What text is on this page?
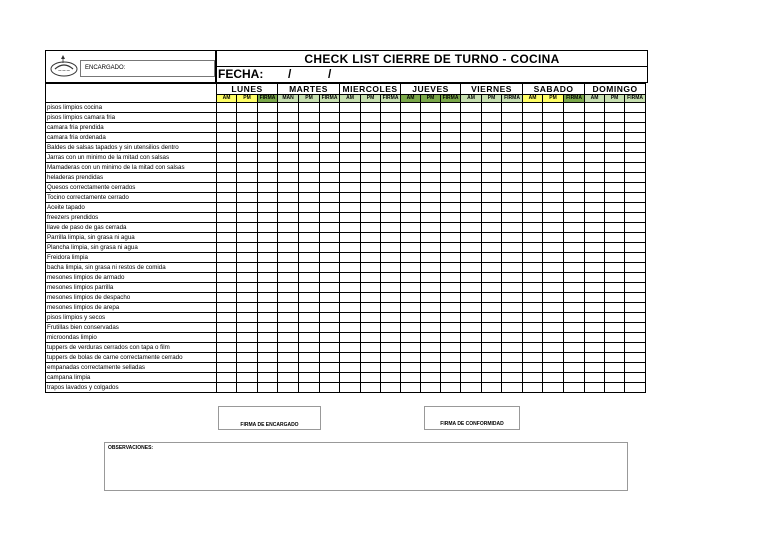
~~~	ENCARGADO:
CHECK LIST CIERRE DE TURNO - COCINA
FECHA: /	/
	LUNES			MARTES			MIERCOLES			JUEVES			VIERNES			SABADO			DOMINGO		
	AM	PM	FIRMA	MAÑ	PM	FIRMA	AM	PM	FIRMA	AM	PM	FIRMA	AM	PM	FIRMA	AM	PM	FIRMA	AM	PM	FIRMA
pisos limpios cocina																					
pisos limpios camara fria																					
camara fria prendida																					
camara fria ordenada																					
Baldes de salsas tapados y sin utensilios dentro																					
Jarras con un minimo de la mitad con salsas																					
Mamaderas con un minimo de la mitad con salsas																					
heladeras prendidas																					
Quesos correctamente cerrados																					
Tocino correctamente cerrado																					
Aceite tapado																					
freezers prendidos																					
llave de paso de gas cerrada																					
Parrilla limpia, sin grasa ni agua																					
Plancha limpia, sin grasa ni agua																					
Freidora limpia																					
bacha limpia, sin grasa ni restos de comida																					
mesones limpios de armado																					
mesones limpios parrilla																					
mesones limpios de despacho																					
mesones limpios de arepa																					
pisos limpios y secos																					
Frutillas bien conservadas																					
microondas limpio																					
tuppers de verduras cerrados con tapa o film																					
tuppers de bolas de carne correctamente cerrado																					
empanadas correctamente selladas																					
campana limpia																					
trapos lavados y colgados																					
FIRMA DE ENCARGADO	FIRMA DE CONFORMIDAD
OBSERVACIONES:
